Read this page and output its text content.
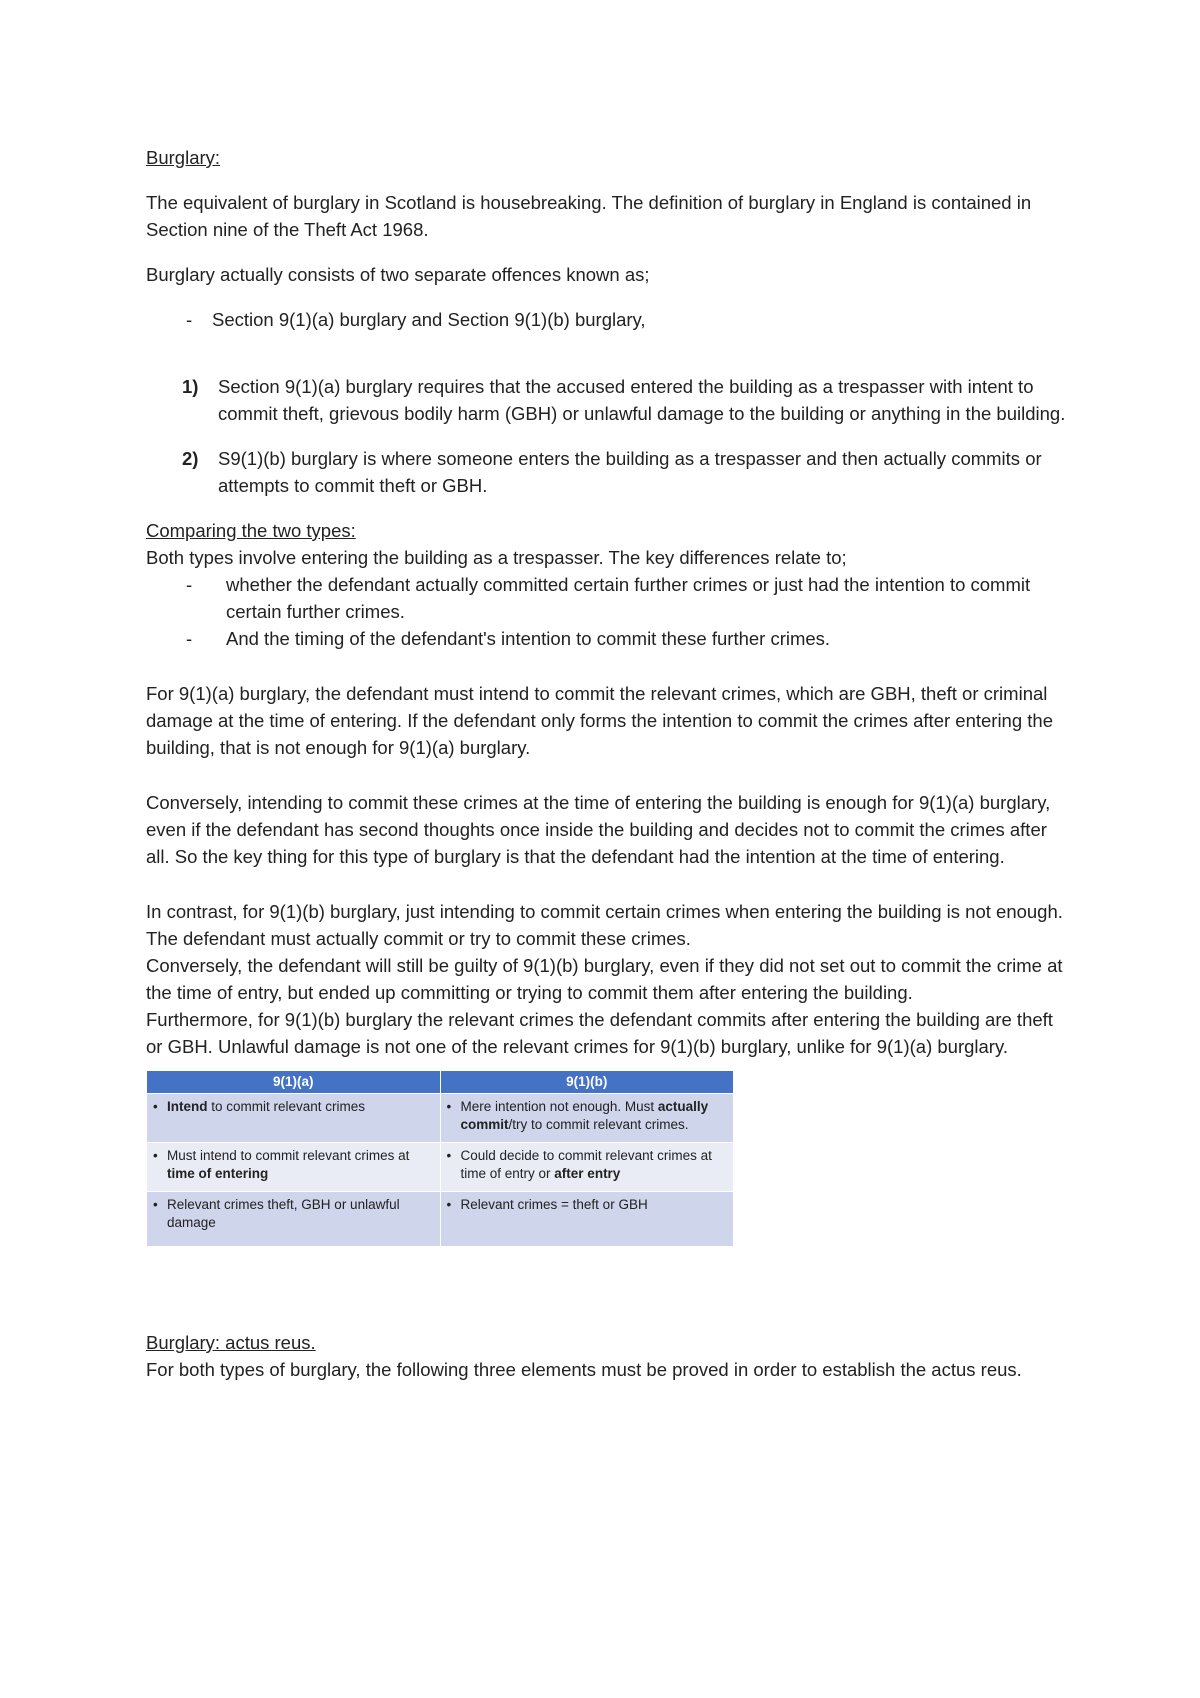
Burglary:

The equivalent of burglary in Scotland is housebreaking. The definition of burglary in England is contained in Section nine of the Theft Act 1968.

Burglary actually consists of two separate offences known as;

-	Section 9(1)(a) burglary and Section 9(1)(b) burglary,
1)	Section 9(1)(a) burglary requires that the accused entered the building as a trespasser with intent to commit theft, grievous bodily harm (GBH) or unlawful damage to the building or anything in the building.
2)	S9(1)(b) burglary is where someone enters the building as a trespasser and then actually commits or attempts to commit theft or GBH.

Comparing the two types:

Both types involve entering the building as a trespasser. The key differences relate to;

-	whether the defendant actually committed certain further crimes or just had the intention to commit certain further crimes.
-	And the timing of the defendant's intention to commit these further crimes.

For 9(1)(a) burglary, the defendant must intend to commit the relevant crimes, which are GBH, theft or criminal damage at the time of entering. If the defendant only forms the intention to commit the crimes after entering the building, that is not enough for 9(1)(a) burglary.

Conversely, intending to commit these crimes at the time of entering the building is enough for 9(1)(a) burglary, even if the defendant has second thoughts once inside the building and decides not to commit the crimes after all. So the key thing for this type of burglary is that the defendant had the intention at the time of entering.

In contrast, for 9(1)(b) burglary, just intending to commit certain crimes when entering the building is not enough. The defendant must actually commit or try to commit these crimes.

Conversely, the defendant will still be guilty of 9(1)(b) burglary, even if they did not set out to commit the crime at the time of entry, but ended up committing or trying to commit them after entering the building.

Furthermore, for 9(1)(b) burglary the relevant crimes the defendant commits after entering the building are theft or GBH. Unlawful damage is not one of the relevant crimes for 9(1)(b) burglary, unlike for 9(1)(a) burglary.

9(1)(a)	9(1)(b)

• Intend to commit relevant crimes	• Mere intention not enough. Must actually commit/try to commit relevant crimes.

• Must intend to commit relevant crimes at time of entering	• Could decide to commit relevant crimes at time of entry or after entry

• Relevant crimes theft, GBH or unlawful damage	• Relevant crimes = theft or GBH

Burglary: actus reus.

For both types of burglary, the following three elements must be proved in order to establish the actus reus.
